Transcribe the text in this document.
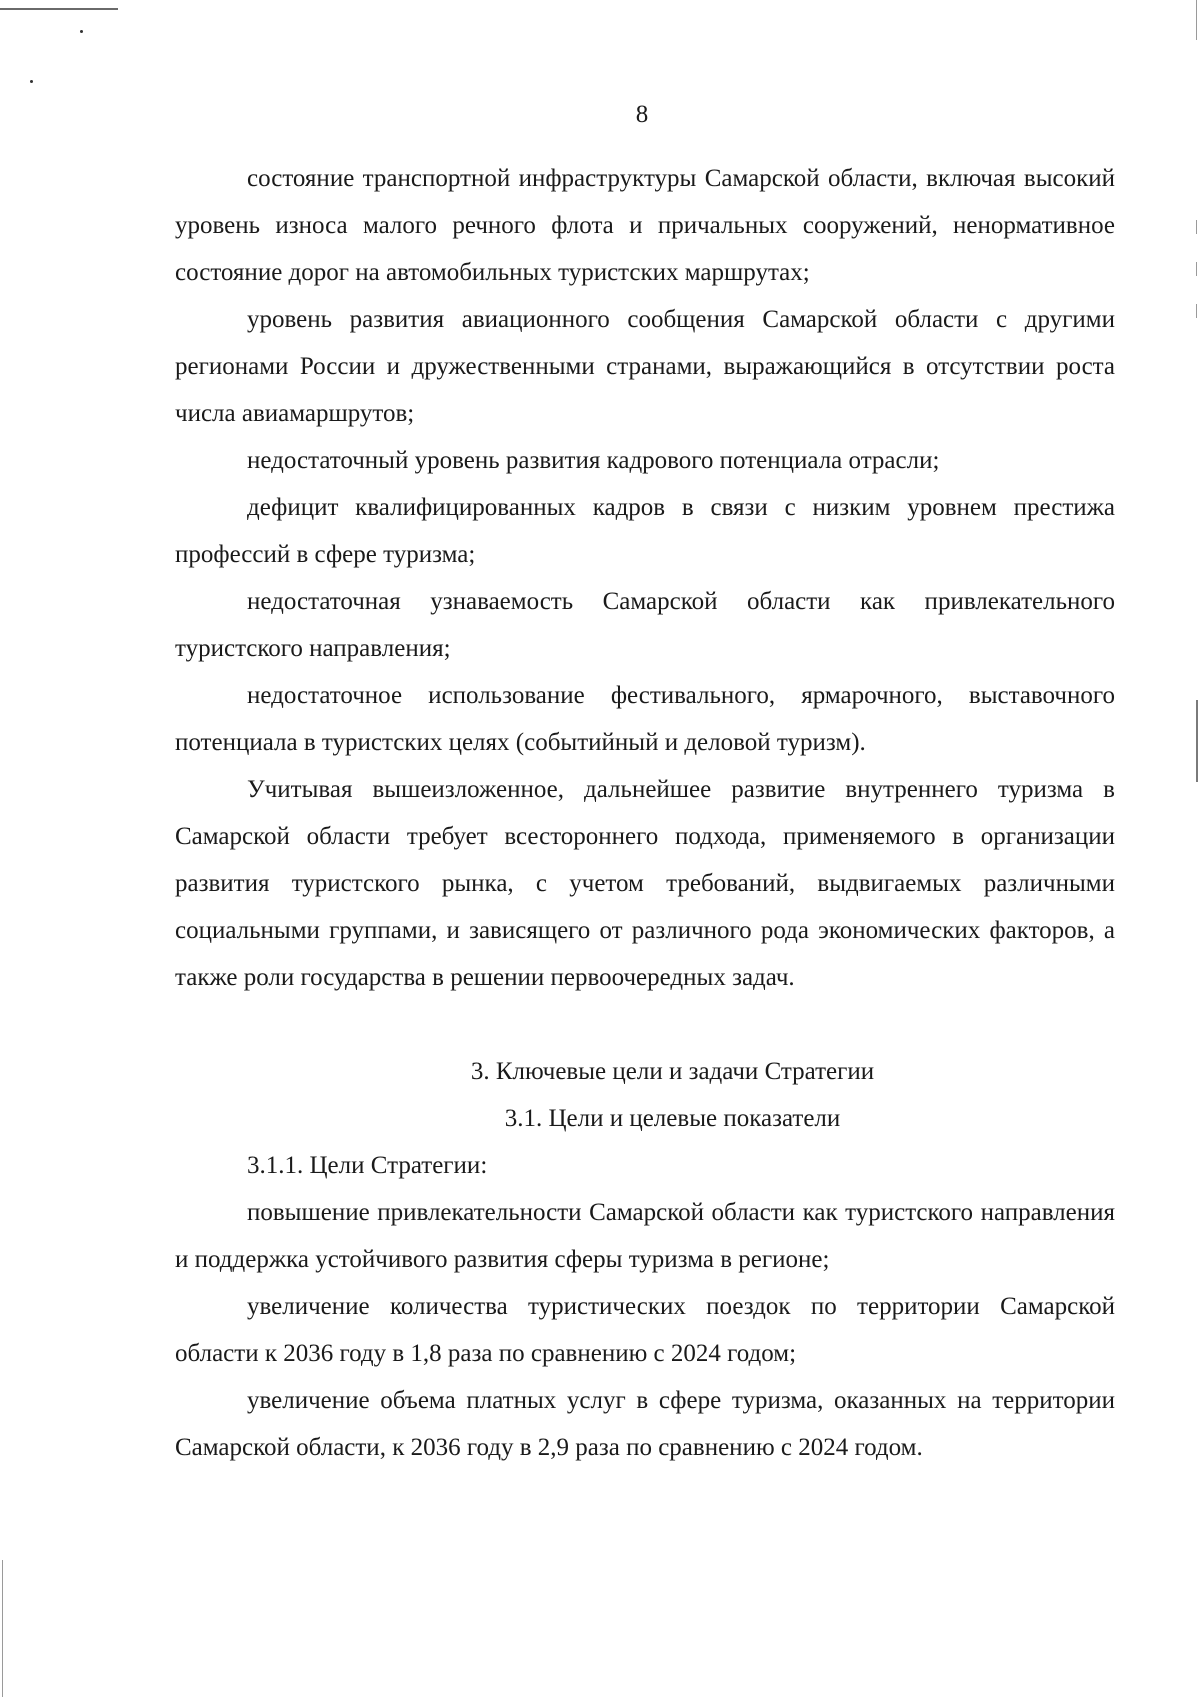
8

состояние транспортной инфраструктуры Самарской области, включая высокий уровень износа малого речного флота и причальных сооружений, ненормативное состояние дорог на автомобильных туристских маршрутах;

уровень развития авиационного сообщения Самарской области с другими регионами России и дружественными странами, выражающийся в отсутствии роста числа авиамаршрутов;

недостаточный уровень развития кадрового потенциала отрасли;

дефицит квалифицированных кадров в связи с низким уровнем престижа профессий в сфере туризма;

недостаточная узнаваемость Самарской области как привлекательного туристского направления;

недостаточное использование фестивального, ярмарочного, выставочного потенциала в туристских целях (событийный и деловой туризм).

Учитывая вышеизложенное, дальнейшее развитие внутреннего туризма в Самарской области требует всестороннего подхода, применяемого в организации развития туристского рынка, с учетом требований, выдвигаемых различными социальными группами, и зависящего от различного рода экономических факторов, а также роли государства в решении первоочередных задач.

3. Ключевые цели и задачи Стратегии

3.1. Цели и целевые показатели

3.1.1. Цели Стратегии:

повышение привлекательности Самарской области как туристского направления и поддержка устойчивого развития сферы туризма в регионе;

увеличение количества туристических поездок по территории Самарской области к 2036 году в 1,8 раза по сравнению с 2024 годом;

увеличение объема платных услуг в сфере туризма, оказанных на территории Самарской области, к 2036 году в 2,9 раза по сравнению с 2024 годом.
